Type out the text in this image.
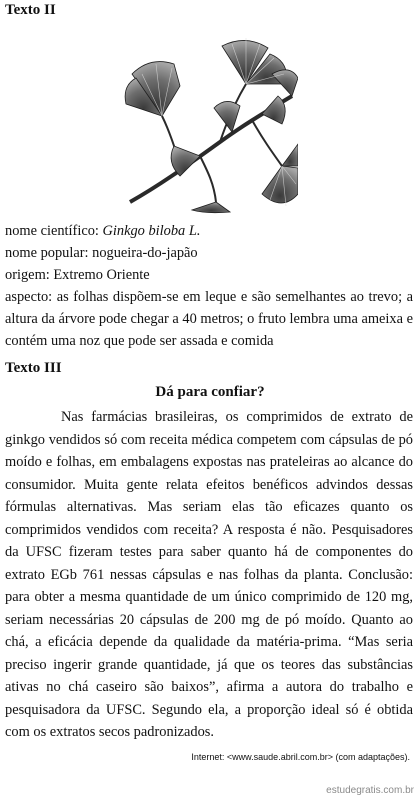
Texto II
nome científico: Ginkgo biloba L.
nome popular: nogueira-do-japão
origem: Extremo Oriente
aspecto: as folhas dispõem-se em leque e são semelhantes ao trevo; a altura da árvore pode chegar a 40 metros; o fruto lembra uma ameixa e contém uma noz que pode ser assada e comida
Texto III
Dá para confiar?

Nas farmácias brasileiras, os comprimidos de extrato de ginkgo vendidos só com receita médica competem com cápsulas de pó moído e folhas, em embalagens expostas nas prateleiras ao alcance do consumidor. Muita gente relata efeitos benéficos advindos dessas fórmulas alternativas. Mas seriam elas tão eficazes quanto os comprimidos vendidos com receita? A resposta é não. Pesquisadores da UFSC fizeram testes para saber quanto há de componentes do extrato EGb 761 nessas cápsulas e nas folhas da planta. Conclusão: para obter a mesma quantidade de um único comprimido de 120 mg, seriam necessárias 20 cápsulas de 200 mg de pó moído. Quanto ao chá, a eficácia depende da qualidade da matéria-prima. “Mas seria preciso ingerir grande quantidade, já que os teores das substâncias ativas no chá caseiro são baixos”, afirma a autora do trabalho e pesquisadora da UFSC. Segundo ela, a proporção ideal só é obtida com os extratos secos padronizados.

Internet: <www.saude.abril.com.br> (com adaptações).
estudegratis.com.br
